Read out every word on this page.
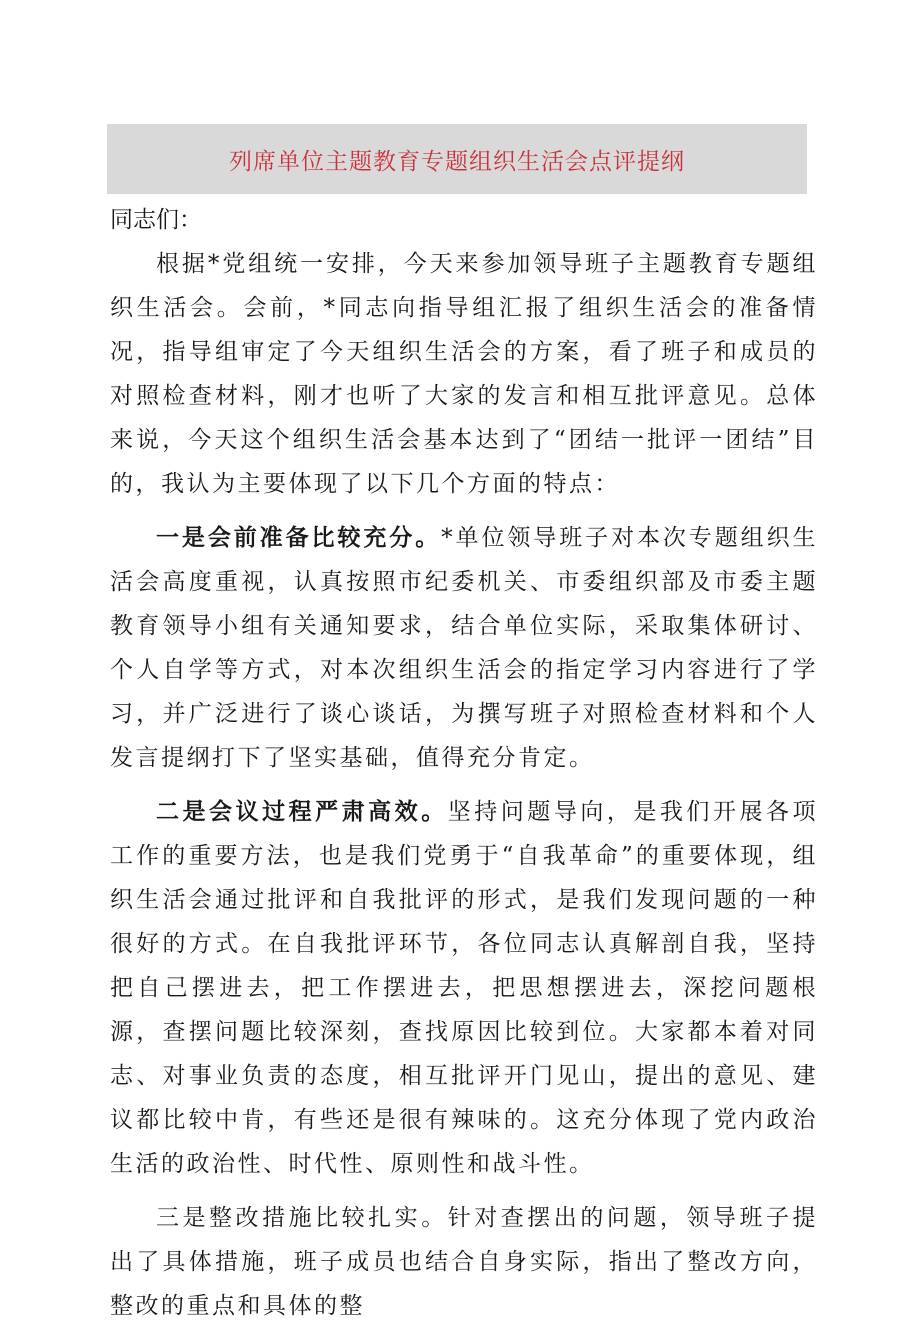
列席单位主题教育专题组织生活会点评提纲

同志们：

根据*党组统一安排，今天来参加领导班子主题教育专题组织生活会。会前，*同志向指导组汇报了组织生活会的准备情况，指导组审定了今天组织生活会的方案，看了班子和成员的对照检查材料，刚才也听了大家的发言和相互批评意见。总体来说，今天这个组织生活会基本达到了“团结一批评一团结”目的，我认为主要体现了以下几个方面的特点：

一是会前准备比较充分。*单位领导班子对本次专题组织生活会高度重视，认真按照市纪委机关、市委组织部及市委主题教育领导小组有关通知要求，结合单位实际，采取集体研讨、个人自学等方式，对本次组织生活会的指定学习内容进行了学习，并广泛进行了谈心谈话，为撰写班子对照检查材料和个人发言提纲打下了坚实基础，值得充分肯定。

二是会议过程严肃高效。坚持问题导向，是我们开展各项工作的重要方法，也是我们党勇于“自我革命”的重要体现，组织生活会通过批评和自我批评的形式，是我们发现问题的一种很好的方式。在自我批评环节，各位同志认真解剖自我，坚持把自己摆进去，把工作摆进去，把思想摆进去，深挖问题根源，查摆问题比较深刻，查找原因比较到位。大家都本着对同志、对事业负责的态度，相互批评开门见山，提出的意见、建议都比较中肯，有些还是很有辣味的。这充分体现了党内政治生活的政治性、时代性、原则性和战斗性。

三是整改措施比较扎实。针对查摆出的问题，领导班子提出了具体措施，班子成员也结合自身实际，指出了整改方向，整改的重点和具体的整
